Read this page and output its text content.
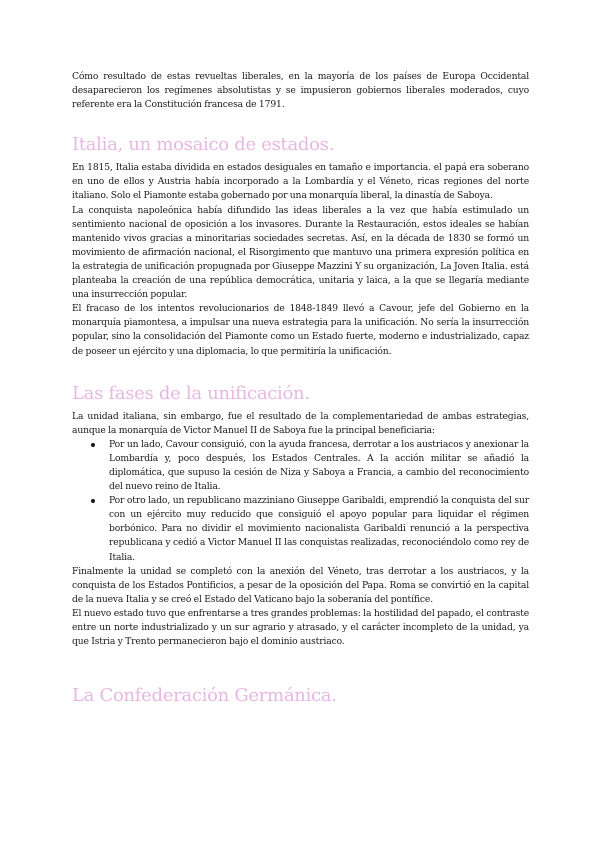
Cómo resultado de estas revueltas liberales, en la mayoría de los países de Europa Occidental desaparecieron los regímenes absolutistas y se impusieron gobiernos liberales moderados, cuyo referente era la Constitución francesa de 1791.

Italia, un mosaico de estados.

En 1815, Italia estaba dividida en estados desiguales en tamaño e importancia. el papá era soberano en uno de ellos y Austria había incorporado a la Lombardía y el Véneto, ricas regiones del norte italiano. Solo el Piamonte estaba gobernado por una monarquía liberal, la dinastía de Saboya.

La conquista napoleónica había difundido las ideas liberales a la vez que había estimulado un sentimiento nacional de oposición a los invasores. Durante la Restauración, estos ideales se habían mantenido vivos gracias a minoritarias sociedades secretas. Así, en la década de 1830 se formó un movimiento de afirmación nacional, el Risorgimento que mantuvo una primera expresión política en la estrategia de unificación propugnada por Giuseppe Mazzini Y su organización, La Joven Italia. está planteaba la creación de una república democrática, unitaria y laica, a la que se llegaría mediante una insurrección popular.

El fracaso de los intentos revolucionarios de 1848-1849 llevó a Cavour, jefe del Gobierno en la monarquía piamontesa, a impulsar una nueva estrategia para la unificación. No sería la insurrección popular, sino la consolidación del Piamonte como un Estado fuerte, moderno e industrializado, capaz de poseer un ejército y una diplomacia, lo que permitiría la unificación.

Las fases de la unificación.

La unidad italiana, sin embargo, fue el resultado de la complementariedad de ambas estrategias, aunque la monarquía de Victor Manuel II de Saboya fue la principal beneficiaria:

Por un lado, Cavour consiguió, con la ayuda francesa, derrotar a los austriacos y anexionar la Lombardía y, poco después, los Estados Centrales. A la acción militar se añadió la diplomática, que supuso la cesión de Niza y Saboya a Francia, a cambio del reconocimiento del nuevo reino de Italia.

Por otro lado, un republicano mazziniano Giuseppe Garibaldi, emprendió la conquista del sur con un ejército muy reducido que consiguió el apoyo popular para liquidar el régimen borbónico. Para no dividir el movimiento nacionalista Garibaldi renunció a la perspectiva republicana y cedió a Victor Manuel II las conquistas realizadas, reconociéndolo como rey de Italia.

Finalmente la unidad se completó con la anexión del Véneto, tras derrotar a los austriacos, y la conquista de los Estados Pontificios, a pesar de la oposición del Papa. Roma se convirtió en la capital de la nueva Italia y se creó el Estado del Vaticano bajo la soberanía del pontífice.

El nuevo estado tuvo que enfrentarse a tres grandes problemas: la hostilidad del papado, el contraste entre un norte industrializado y un sur agrario y atrasado, y el carácter incompleto de la unidad, ya que Istria y Trento permanecieron bajo el dominio austriaco.

La Confederación Germánica.
